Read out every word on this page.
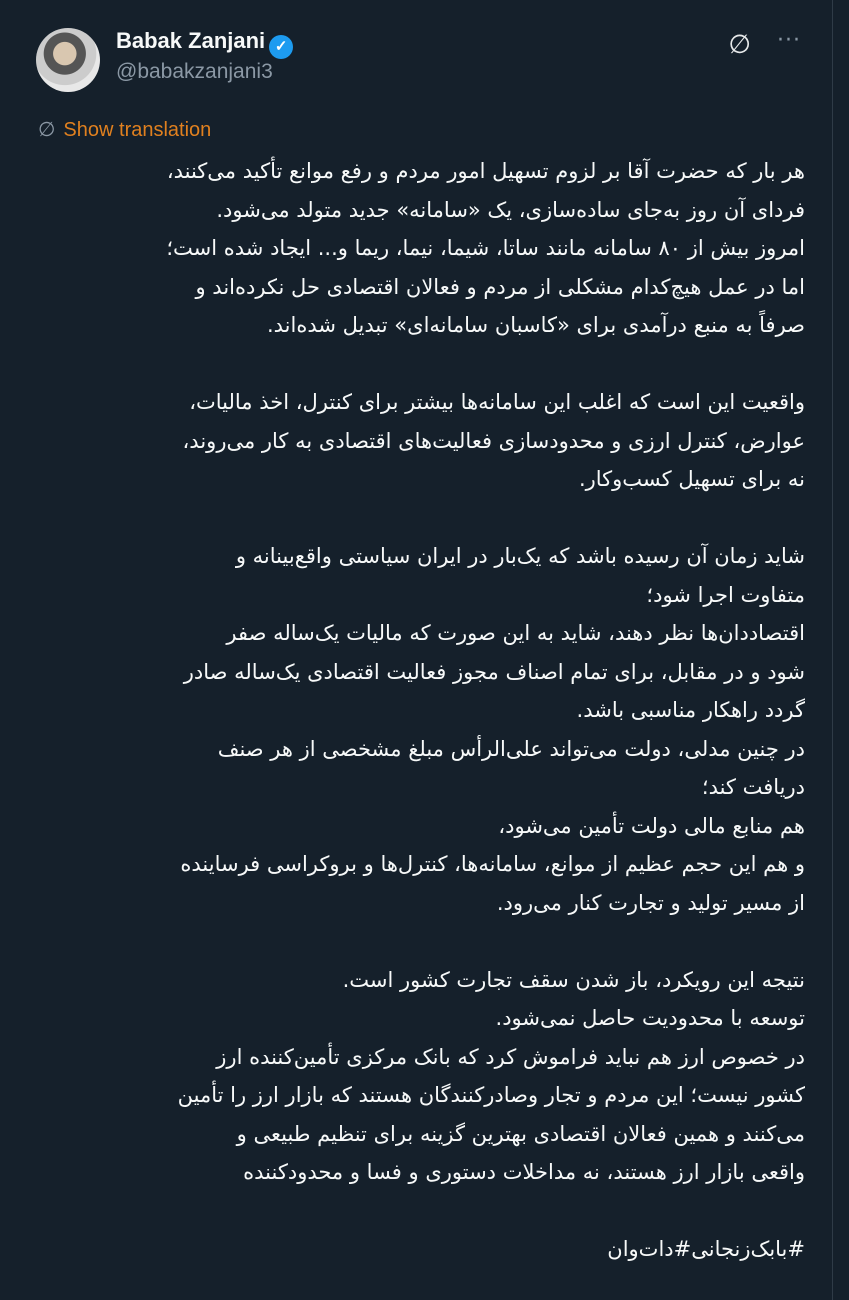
Babak Zanjani ✓
@babakzanjani3
∅ ···
∅ Show translation
هر بار که حضرت آقا بر لزوم تسهیل امور مردم و رفع موانع تأکید می‌کنند،
فردای آن روز به‌جای ساده‌سازی، یک «سامانه» جدید متولد می‌شود.
امروز بیش از ۸۰ سامانه مانند ساتا، شیما، نیما، ریما و... ایجاد شده است؛
اما در عمل هیچ‌کدام مشکلی از مردم و فعالان اقتصادی حل نکرده‌اند و
صرفاً به منبع درآمدی برای «کاسبان سامانه‌ای» تبدیل شده‌اند.
واقعیت این است که اغلب این سامانه‌ها بیشتر برای کنترل، اخذ مالیات،
عوارض، کنترل ارزی و محدودسازی فعالیت‌های اقتصادی به کار می‌روند،
نه برای تسهیل کسب‌وکار.
شاید زمان آن رسیده باشد که یک‌بار در ایران سیاستی واقع‌بینانه و
متفاوت اجرا شود؛
اقتصاددان‌ها نظر دهند، شاید به این صورت که مالیات یک‌ساله صفر
شود و در مقابل، برای تمام اصناف مجوز فعالیت اقتصادی یک‌ساله صادر
گردد راهکار مناسبی باشد.
در چنین مدلی، دولت می‌تواند علی‌الرأس مبلغ مشخصی از هر صنف
دریافت کند؛
هم منابع مالی دولت تأمین می‌شود،
و هم این حجم عظیم از موانع، سامانه‌ها، کنترل‌ها و بروکراسی فرساینده
از مسیر تولید و تجارت کنار می‌رود.
نتیجه این رویکرد، باز شدن سقف تجارت کشور است.
توسعه با محدودیت حاصل نمی‌شود.
در خصوص ارز هم نباید فراموش کرد که بانک مرکزی تأمین‌کننده ارز
کشور نیست؛ این مردم و تجار وصادرکنندگان هستند که بازار ارز را تأمین
می‌کنند و همین فعالان اقتصادی بهترین گزینه برای تنظیم طبیعی و
واقعی بازار ارز هستند، نه مداخلات دستوری و فسا و محدودکننده
#بابک‌زنجانی#دات‌وان
